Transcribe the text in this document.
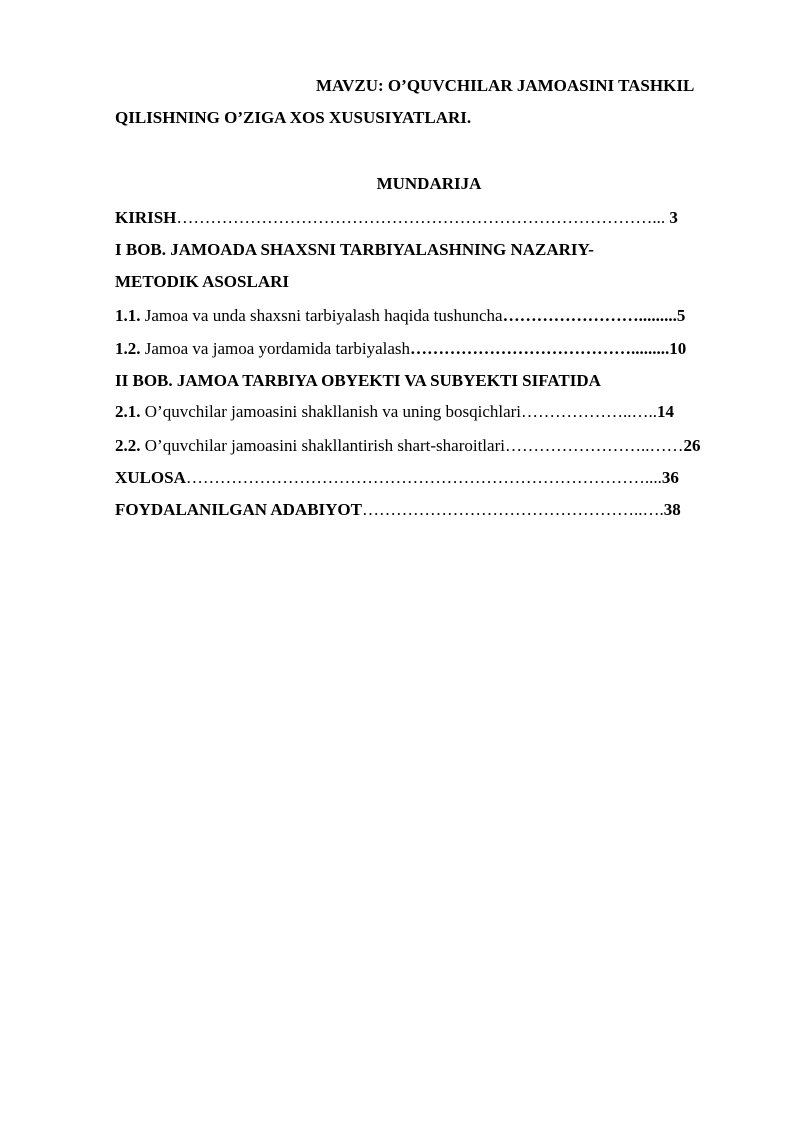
MAVZU: O’QUVCHILAR JAMOASINI TASHKIL
QILISHNING O’ZIGA XOS XUSUSIYATLARI.
MUNDARIJA
KIRISH…………………………………………………………………………... 3
I BOB. JAMOADA SHAXSNI TARBIYALASHNING NAZARIY-
METODIK ASOSLARI
1.1. Jamoa va unda shaxsni tarbiyalash haqida tushuncha…………………….........5
1.2. Jamoa va jamoa yordamida tarbiyalash………………………………….........10
II BOB. JAMOA TARBIYA OBYEKTI VA SUBYEKTI SIFATIDA
2.1. O’quvchilar jamoasini shakllanish va uning bosqichlari………………..…..14
2.2. O’quvchilar jamoasini shakllantirish shart-sharoitlari……………………..……26
XULOSA………………………………………………………………………....36
FOYDALANILGAN ADABIYOT…………………………………………..….38
